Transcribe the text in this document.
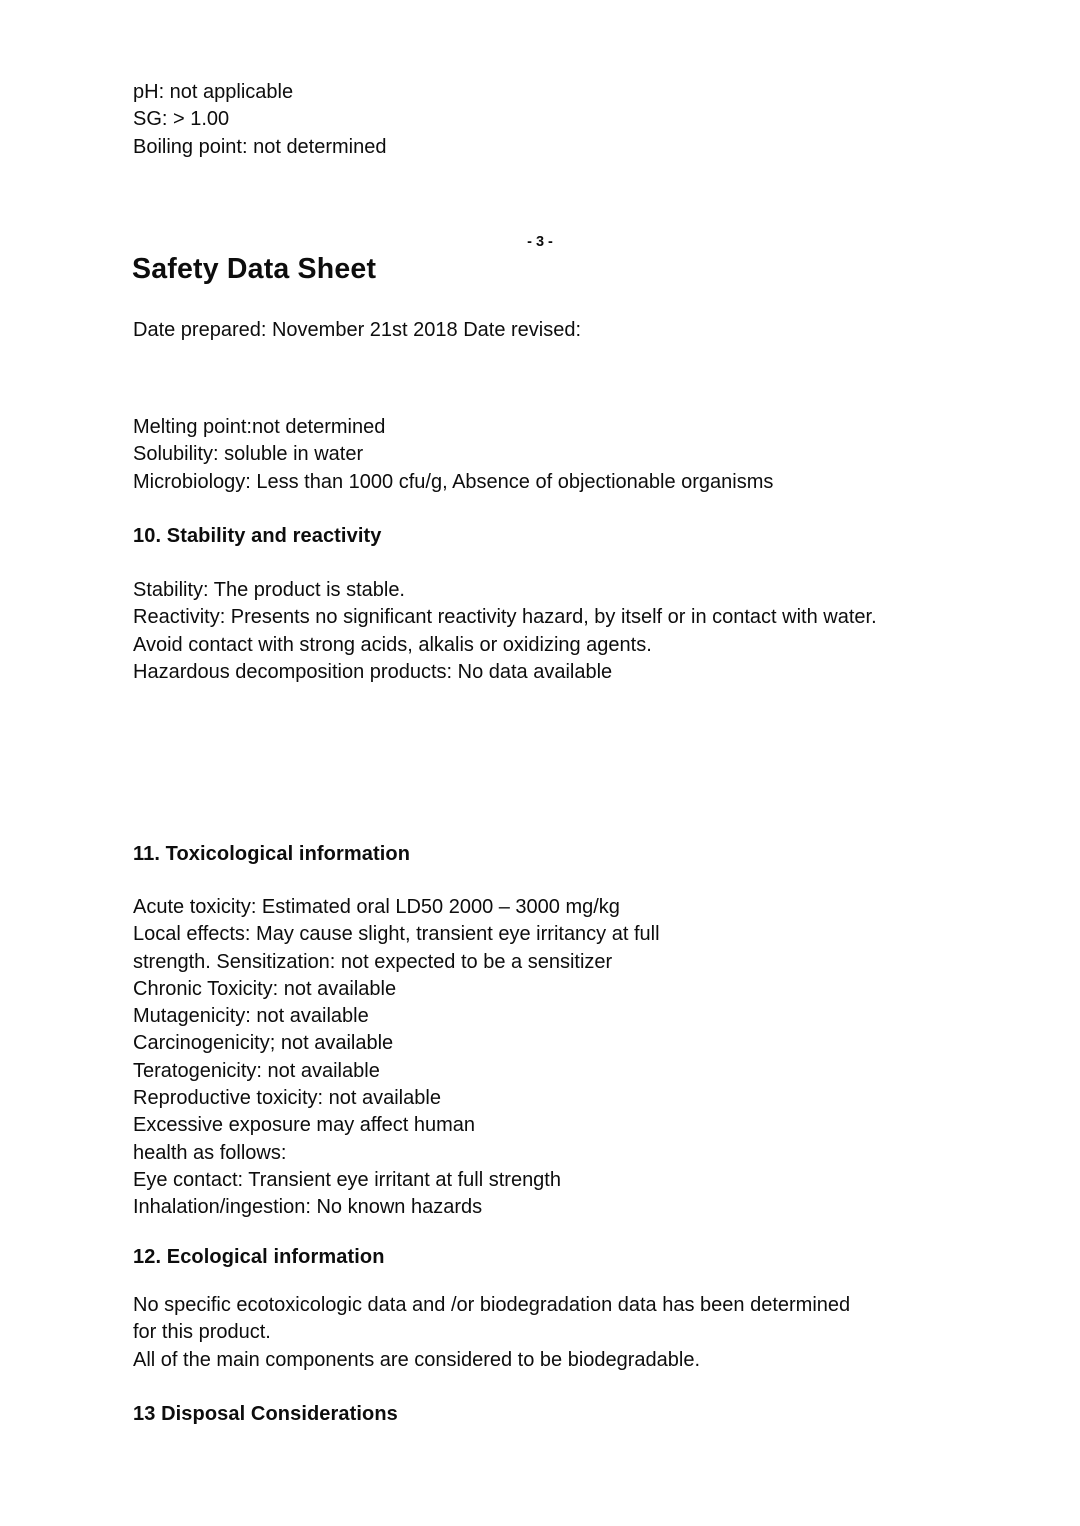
pH: not applicable
SG: > 1.00
Boiling point: not determined
- 3 -
Safety Data Sheet
Date prepared: November 21st 2018 Date revised:
Melting point:not determined
Solubility: soluble in water
Microbiology: Less than 1000 cfu/g, Absence of objectionable organisms
10. Stability and reactivity
Stability: The product is stable.
Reactivity: Presents no significant reactivity hazard, by itself or in contact with water.
Avoid contact with strong acids, alkalis or oxidizing agents.
Hazardous decomposition products: No data available
11. Toxicological information
Acute toxicity: Estimated oral LD50 2000 – 3000 mg/kg
Local effects: May cause slight, transient eye irritancy at full
strength. Sensitization: not expected to be a sensitizer
Chronic Toxicity: not available
Mutagenicity: not available
Carcinogenicity; not available
Teratogenicity: not available
Reproductive toxicity: not available
Excessive exposure may affect human
health as follows:
Eye contact: Transient eye irritant at full strength
Inhalation/ingestion: No known hazards
12. Ecological information
No specific ecotoxicologic data and /or biodegradation data has been determined
for this product.
All of the main components are considered to be biodegradable.
13 Disposal Considerations
